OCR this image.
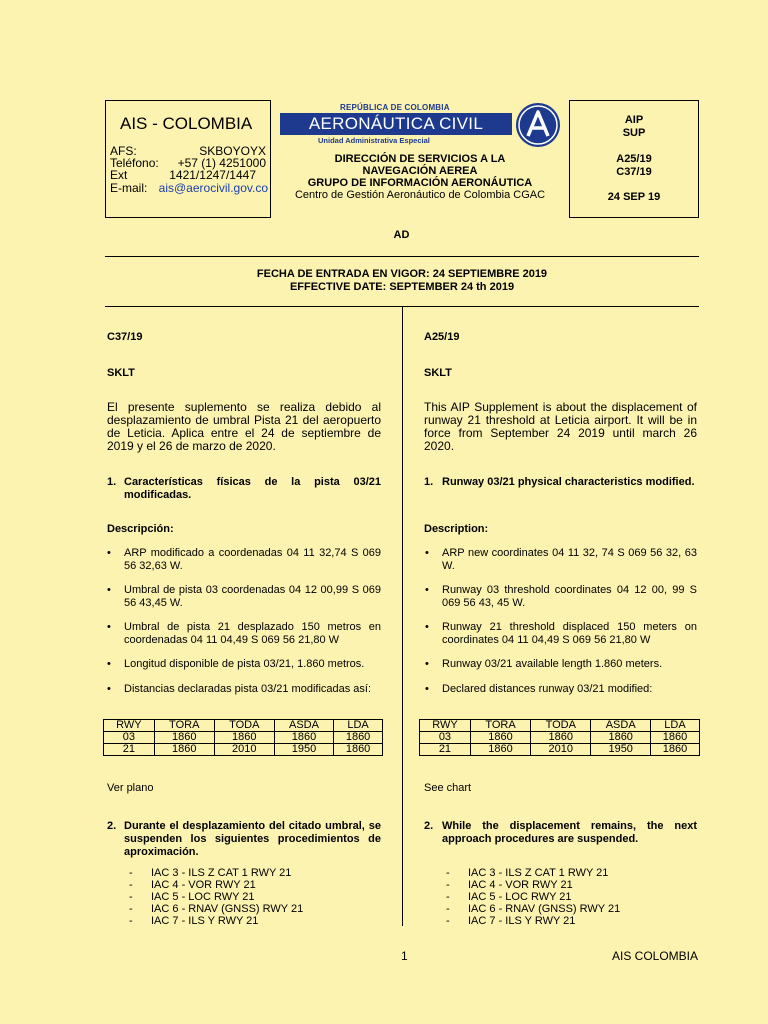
AIS - COLOMBIA
AFS:	SKBOYOYX
Teléfono: +57 (1) 4251000
Ext	1421/1247/1447
E-mail: ais@aerocivil.gov.co
REPÚBLICA DE COLOMBIA
AERONÁUTICA CIVIL
Unidad Administrativa Especial
DIRECCIÓN DE SERVICIOS A LA
NAVEGACIÓN AEREA
GRUPO DE INFORMACIÓN AERONÁUTICA
Centro de Gestión Aeronáutico de Colombia CGAC
AIP
SUP
A25/19
C37/19
24 SEP 19
AD
FECHA DE ENTRADA EN VIGOR: 24 SEPTIEMBRE 2019
EFFECTIVE DATE: SEPTEMBER 24 th 2019
C37/19
SKLT
El presente suplemento se realiza debido al desplazamiento de umbral Pista 21 del aeropuerto de Leticia. Aplica entre el 24 de septiembre de 2019 y el 26 de marzo de 2020.
1. Características físicas de la pista 03/21 modificadas.
Descripción:
• ARP modificado a coordenadas 04 11 32,74 S 069 56 32,63 W.
• Umbral de pista 03 coordenadas 04 12 00,99 S 069 56 43,45 W.
• Umbral de pista 21 desplazado 150 metros en coordenadas 04 11 04,49 S 069 56 21,80 W
• Longitud disponible de pista 03/21, 1.860 metros.
• Distancias declaradas pista 03/21 modificadas así:
RWY	TORA	TODA	ASDA	LDA
03	1860	1860	1860	1860
21	1860	2010	1950	1860
Ver plano
2. Durante el desplazamiento del citado umbral, se suspenden los siguientes procedimientos de aproximación.
- IAC 3 - ILS Z CAT 1 RWY 21
- IAC 4 - VOR RWY 21
- IAC 5 - LOC RWY 21
- IAC 6 - RNAV (GNSS) RWY 21
- IAC 7 - ILS Y RWY 21
A25/19
SKLT
This AIP Supplement is about the displacement of runway 21 threshold at Leticia airport. It will be in force from September 24 2019 until march 26 2020.
1. Runway 03/21 physical characteristics modified.
Description:
• ARP new coordinates 04 11 32, 74 S 069 56 32, 63 W.
• Runway 03 threshold coordinates 04 12 00, 99 S 069 56 43, 45 W.
• Runway 21 threshold displaced 150 meters on coordinates 04 11 04,49 S 069 56 21,80 W
• Runway 03/21 available length 1.860 meters.
• Declared distances runway 03/21 modified:
RWY	TORA	TODA	ASDA	LDA
03	1860	1860	1860	1860
21	1860	2010	1950	1860
See chart
2. While the displacement remains, the next approach procedures are suspended.
- IAC 3 - ILS Z CAT 1 RWY 21
- IAC 4 - VOR RWY 21
- IAC 5 - LOC RWY 21
- IAC 6 - RNAV (GNSS) RWY 21
- IAC 7 - ILS Y RWY 21
1	AIS COLOMBIA
